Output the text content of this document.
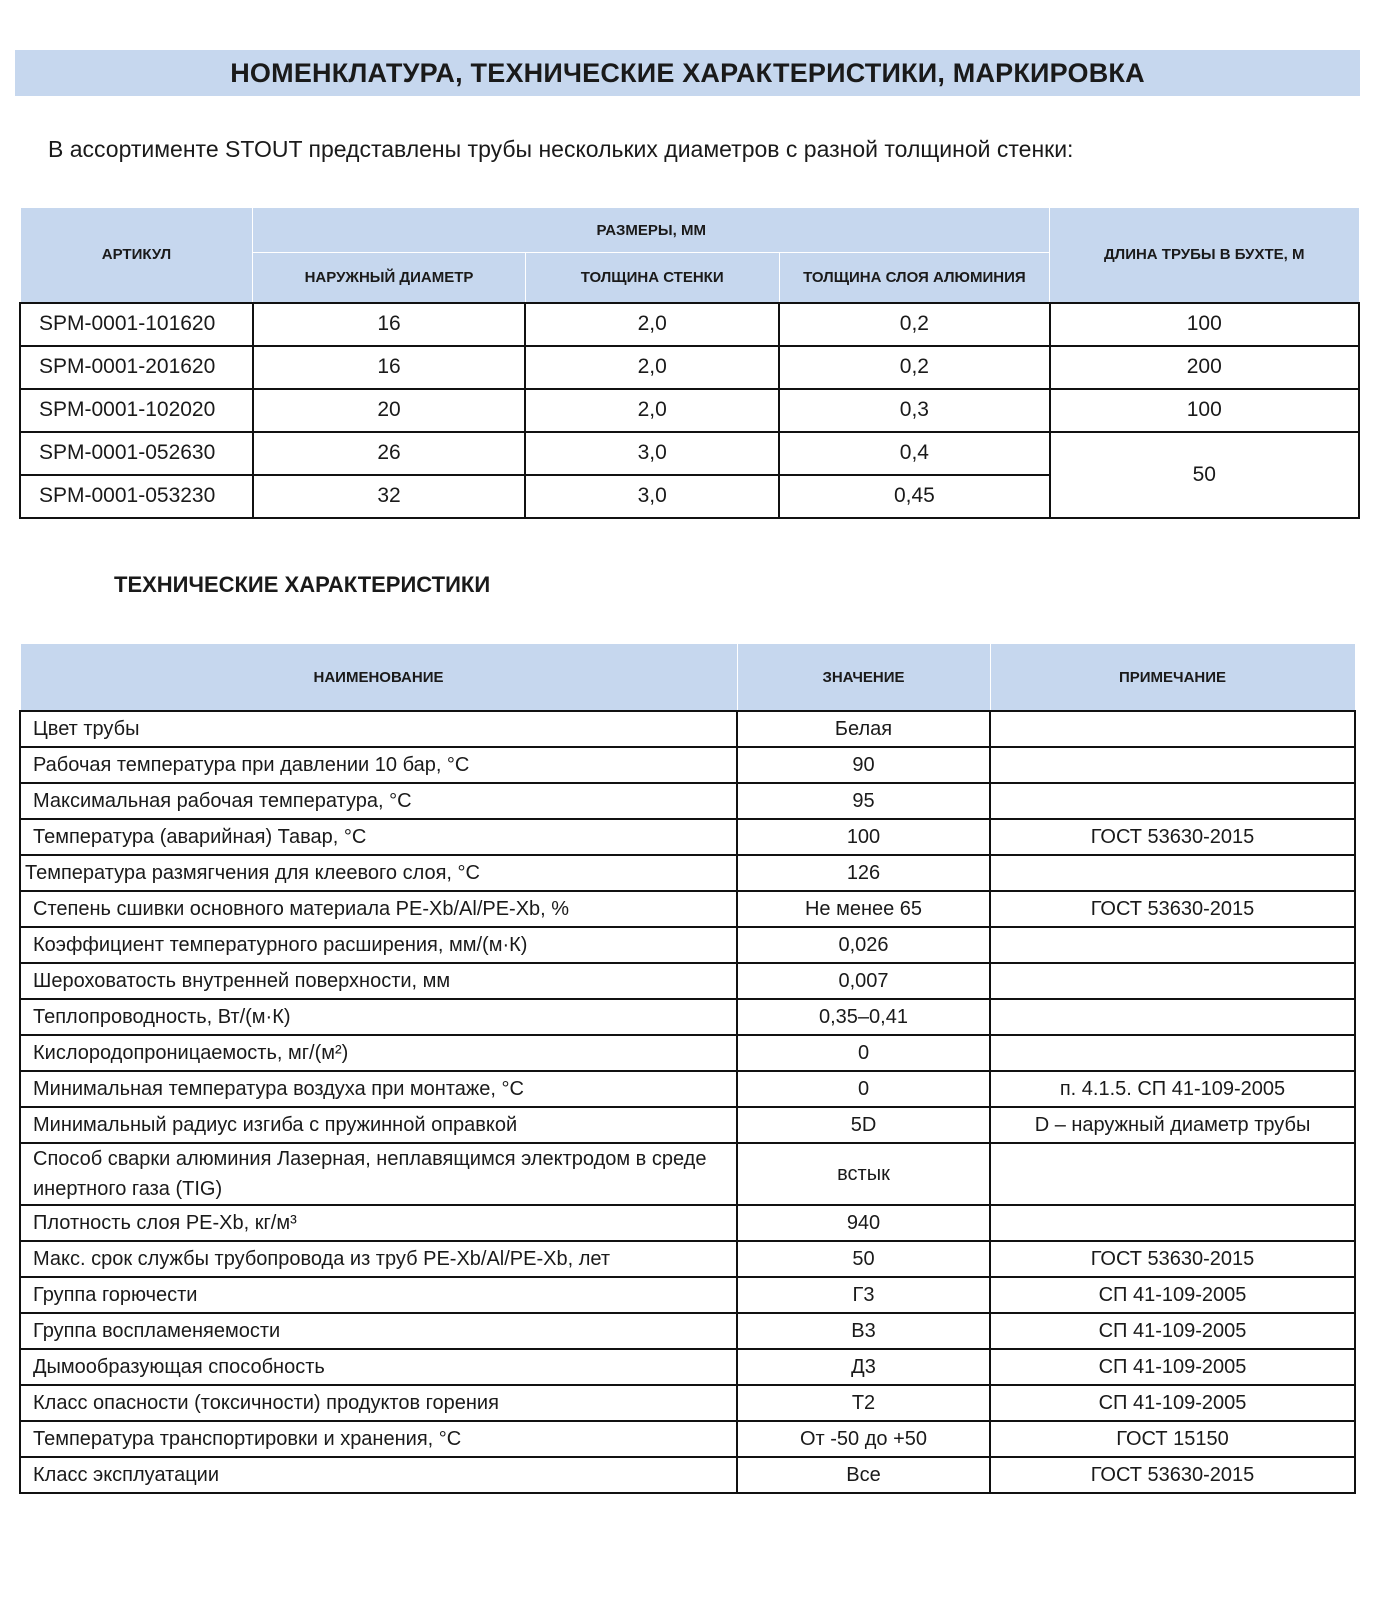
НОМЕНКЛАТУРА, ТЕХНИЧЕСКИЕ ХАРАКТЕРИСТИКИ, МАРКИРОВКА
В ассортименте STOUT представлены трубы нескольких диаметров с разной толщиной стенки:
АРТИКУЛ	РАЗМЕРЫ, ММ			ДЛИНА ТРУБЫ В БУХТЕ, М
	НАРУЖНЫЙ ДИАМЕТР	ТОЛЩИНА СТЕНКИ	ТОЛЩИНА СЛОЯ АЛЮМИНИЯ	
SPM-0001-101620	16	2,0	0,2	100
SPM-0001-201620	16	2,0	0,2	200
SPM-0001-102020	20	2,0	0,3	100
SPM-0001-052630	26	3,0	0,4	50
SPM-0001-053230	32	3,0	0,45	
ТЕХНИЧЕСКИЕ ХАРАКТЕРИСТИКИ
НАИМЕНОВАНИЕ	ЗНАЧЕНИЕ	ПРИМЕЧАНИЕ
Цвет трубы	Белая	
Рабочая температура при давлении 10 бар, °С	90	
Максимальная рабочая температура, °С	95	
Температура (аварийная) Тавар, °С	100	ГОСТ 53630-2015
Температура размягчения для клеевого слоя, °С	126	
Степень сшивки основного материала PE-Xb/Al/PE-Xb, %	Не менее 65	ГОСТ 53630-2015
Коэффициент температурного расширения, мм/(м·К)	0,026	
Шероховатость внутренней поверхности, мм	0,007	
Теплопроводность, Вт/(м·К)	0,35–0,41	
Кислородопроницаемость, мг/(м²)	0	
Минимальная температура воздуха при монтаже, °С	0	п. 4.1.5. СП 41-109-2005
Минимальный радиус изгиба с пружинной оправкой	5D	D – наружный диаметр трубы
Способ сварки алюминия Лазерная, неплавящимся электродом в среде инертного газа (TIG)	встык	
Плотность слоя PE-Xb, кг/м³	940	
Макс. срок службы трубопровода из труб PE-Xb/Al/PE-Xb, лет	50	ГОСТ 53630-2015
Группа горючести	Г3	СП 41-109-2005
Группа воспламеняемости	В3	СП 41-109-2005
Дымообразующая способность	Д3	СП 41-109-2005
Класс опасности (токсичности) продуктов горения	Т2	СП 41-109-2005
Температура транспортировки и хранения, °С	От -50 до +50	ГОСТ 15150
Класс эксплуатации	Все	ГОСТ 53630-2015
